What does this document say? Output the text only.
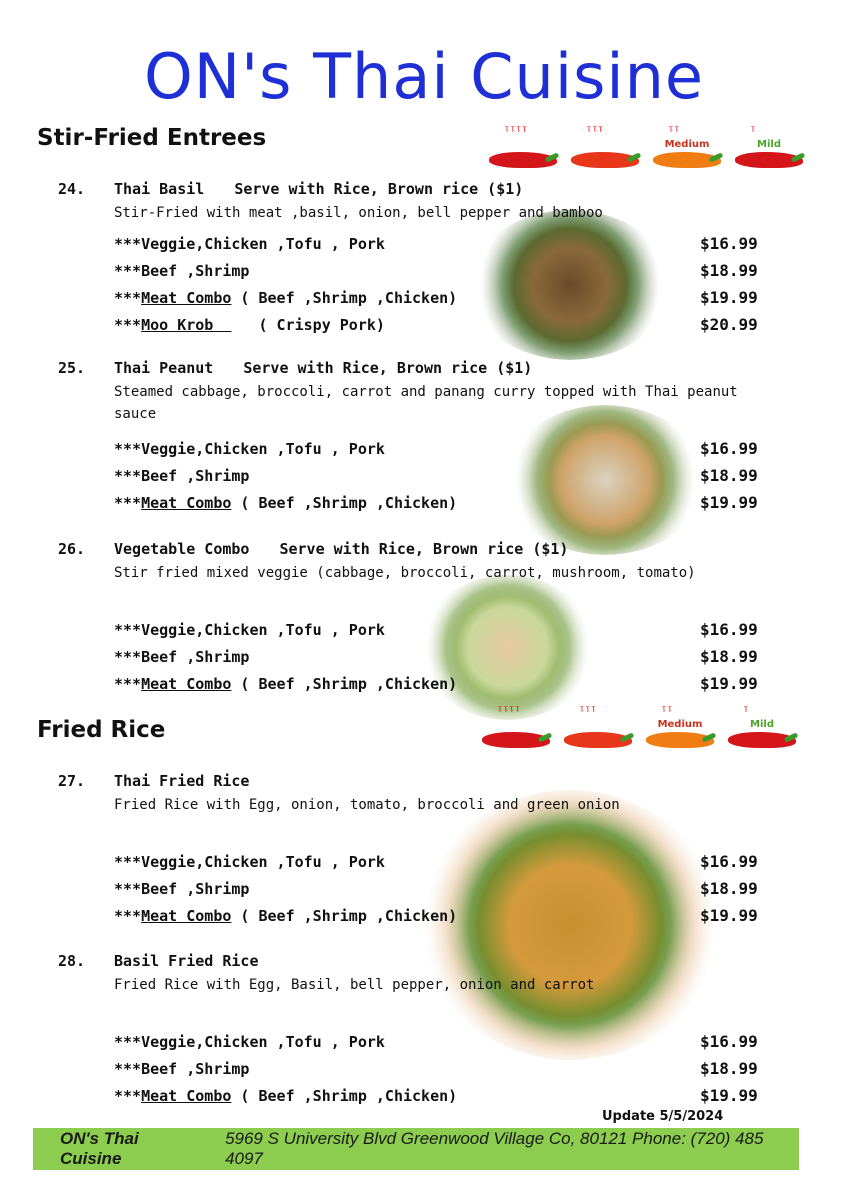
ON's Thai Cuisine
Stir-Fried Entrees	ᵎᵎᵎᵎ
Super Hot
ᵎᵎᵎ
Hot
ᵎᵎ
Medium
ᵎ
Mild
24.	Thai Basil Serve with Rice, Brown rice ($1)
Stir-Fried with meat ,basil, onion, bell pepper and bamboo
***Veggie,Chicken ,Tofu , Pork	$16.99
***Beef ,Shrimp	$18.99
***Meat Combo ( Beef ,Shrimp ,Chicken)	$19.99
***Moo Krob     ( Crispy Pork)	$20.99
25.	Thai Peanut Serve with Rice, Brown rice ($1)
Steamed cabbage, broccoli, carrot and panang curry topped with Thai peanut sauce
***Veggie,Chicken ,Tofu , Pork	$16.99
***Beef ,Shrimp	$18.99
***Meat Combo ( Beef ,Shrimp ,Chicken)	$19.99
26.	Vegetable Combo Serve with Rice, Brown rice ($1)
Stir fried mixed veggie (cabbage, broccoli, carrot, mushroom, tomato)
***Veggie,Chicken ,Tofu , Pork	$16.99
***Beef ,Shrimp	$18.99
***Meat Combo ( Beef ,Shrimp ,Chicken)	$19.99
Fried Rice
ᵎᵎᵎᵎ
Super Hot
ᵎᵎᵎ
Hot
ᵎᵎ
Medium
ᵎ
Mild
27.	Thai Fried Rice
Fried Rice with Egg, onion, tomato, broccoli and green onion
***Veggie,Chicken ,Tofu , Pork	$16.99
***Beef ,Shrimp	$18.99
***Meat Combo ( Beef ,Shrimp ,Chicken)	$19.99
28.	Basil Fried Rice
Fried Rice with Egg, Basil, bell pepper, onion and carrot
***Veggie,Chicken ,Tofu , Pork	$16.99
***Beef ,Shrimp	$18.99
***Meat Combo ( Beef ,Shrimp ,Chicken)	$19.99
Update 5/5/2024
ON's Thai Cuisine
5969 S University Blvd Greenwood Village Co, 80121 Phone: (720) 485 4097
